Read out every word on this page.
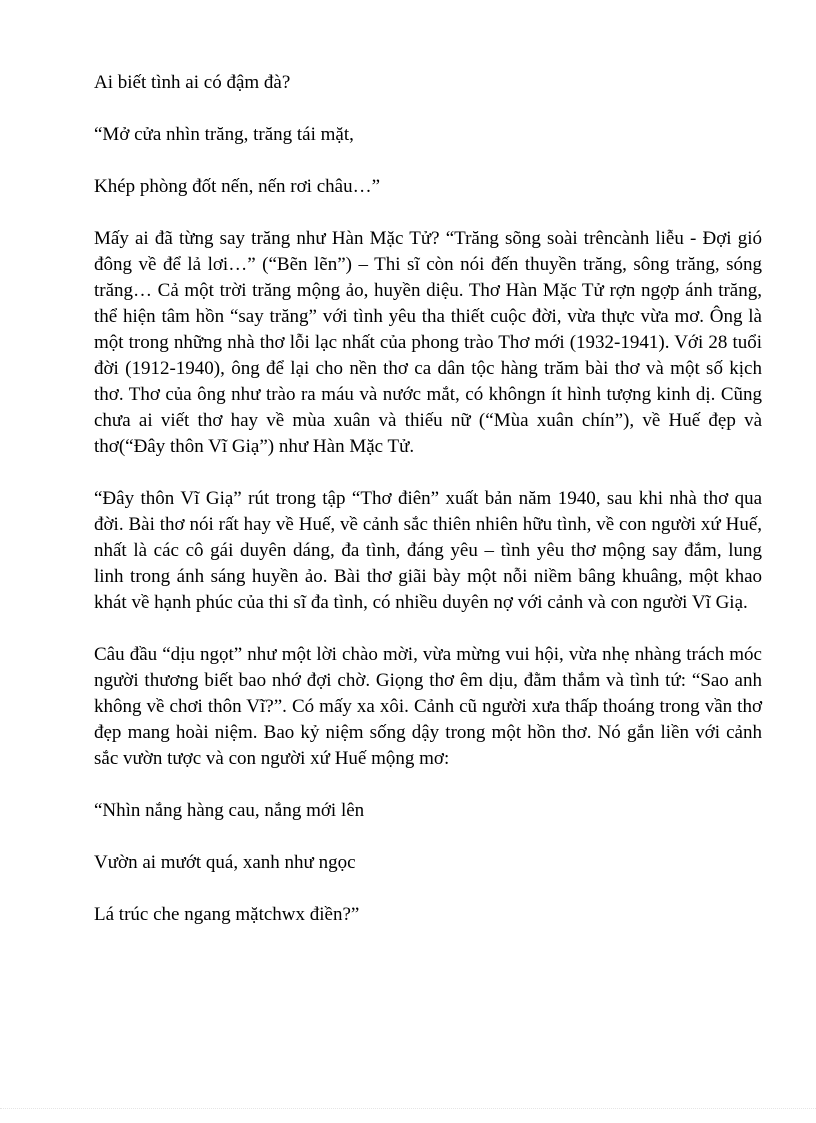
Ai biết tình ai có đậm đà?

“Mở cửa nhìn trăng, trăng tái mặt,

Khép phòng đốt nến, nến rơi châu…”

Mấy ai đã từng say trăng như Hàn Mặc Tử? “Trăng sõng soài trêncành liễu - Đợi gió đông về để lả lơi…” (“Bẽn lẽn”) – Thi sĩ còn nói đến thuyền trăng, sông trăng, sóng trăng… Cả một trời trăng mộng ảo, huyền diệu. Thơ Hàn Mặc Tử rợn ngợp ánh trăng, thể hiện tâm hồn “say trăng” với tình yêu tha thiết cuộc đời, vừa thực vừa mơ. Ông là một trong những nhà thơ lỗi lạc nhất của phong trào Thơ mới (1932-1941). Với 28 tuổi đời (1912-1940), ông để lại cho nền thơ ca dân tộc hàng trăm bài thơ và một số kịch thơ. Thơ của ông như trào ra máu và nước mắt, có khôngn ít hình tượng kinh dị. Cũng chưa ai viết thơ hay về mùa xuân và thiếu nữ (“Mùa xuân chín”), về Huế đẹp và thơ(“Đây thôn Vĩ Giạ”) như Hàn Mặc Tử.

“Đây thôn Vĩ Giạ” rút trong tập “Thơ điên” xuất bản năm 1940, sau khi nhà thơ qua đời. Bài thơ nói rất hay về Huế, về cảnh sắc thiên nhiên hữu tình, về con người xứ Huế, nhất là các cô gái duyên dáng, đa tình, đáng yêu – tình yêu thơ mộng say đắm, lung linh trong ánh sáng huyền ảo. Bài thơ giãi bày một nỗi niềm bâng khuâng, một khao khát về hạnh phúc của thi sĩ đa tình, có nhiều duyên nợ với cảnh và con người Vĩ Giạ.

Câu đầu “dịu ngọt” như một lời chào mời, vừa mừng vui hội, vừa nhẹ nhàng trách móc người thương biết bao nhớ đợi chờ. Giọng thơ êm dịu, đằm thắm và tình tứ: “Sao anh không về chơi thôn Vĩ?”. Có mấy xa xôi. Cảnh cũ người xưa thấp thoáng trong vần thơ đẹp mang hoài niệm. Bao kỷ niệm sống dậy trong một hồn thơ. Nó gắn liền với cảnh sắc vườn tược và con người xứ Huế mộng mơ:

“Nhìn nắng hàng cau, nắng mới lên

Vườn ai mướt quá, xanh như ngọc

Lá trúc che ngang mặtchwx điền?”
